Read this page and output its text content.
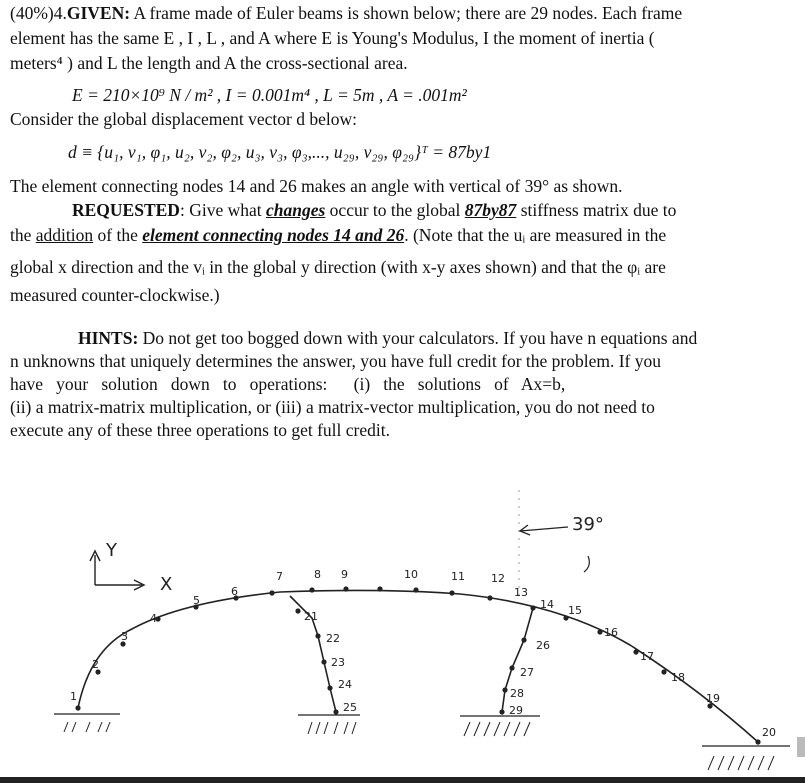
(40%)4.GIVEN: A frame made of Euler beams is shown below; there are 29 nodes. Each frame

element has the same E , I , L , and A where E is Young's Modulus, I the moment of inertia (

meters⁴ ) and L the length and A the cross-sectional area.

E = 210×10⁹ N / m² , I = 0.001m⁴ , L = 5m , A = .001m²

Consider the global displacement vector d below:

d ≡ {u₁, v₁, φ₁, u₂, v₂, φ₂, u₃, v₃, φ₃,..., u₂₉, v₂₉, φ₂₉}ᵀ = 87by1

The element connecting nodes 14 and 26 makes an angle with vertical of 39° as shown.

REQUESTED: Give what changes occur to the global 87by87 stiffness matrix due to

the addition of the element connecting nodes 14 and 26. (Note that the uᵢ are measured in the

global x direction and the vᵢ in the global y direction (with x-y axes shown) and that the φᵢ are

measured counter-clockwise.)

HINTS: Do not get too bogged down with your calculators. If you have n equations and

n unknowns that uniquely determines the answer, you have full credit for the problem. If you

have   your   solution   down   to   operations:      (i)   the   solutions   of   Ax=b,

(ii) a matrix-matrix multiplication, or (iii) a matrix-vector multiplication, you do not need to

execute any of these three operations to get full credit.

Y
X
39°
1
2
3
4
5
6
7	8 9	10	11 12
13
14 15
16
17
18
19
20
21
22
23
24
25
26
27
28
29
